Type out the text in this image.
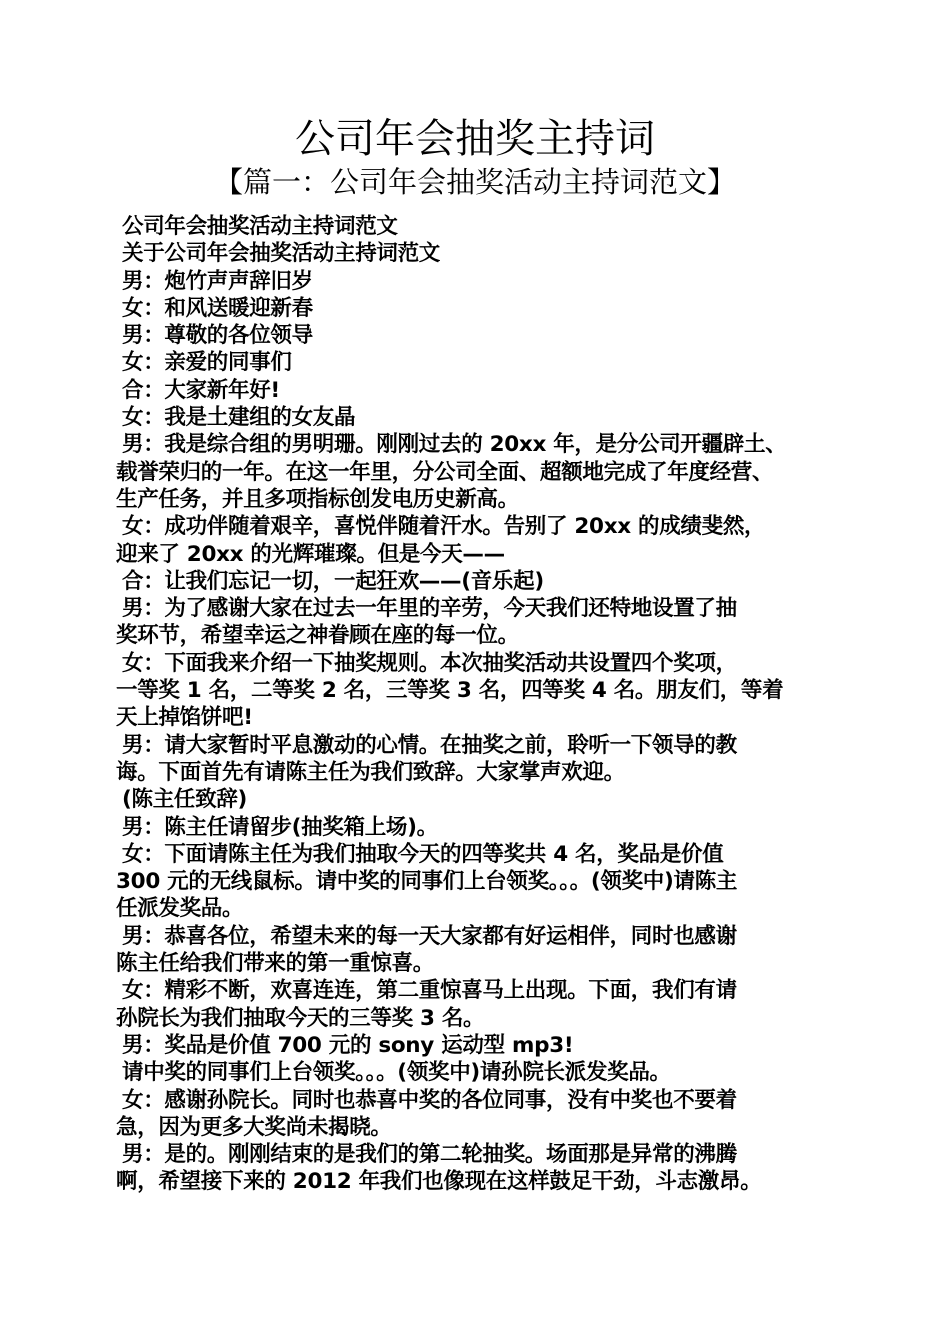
公司年会抽奖主持词
【篇一：公司年会抽奖活动主持词范文】
公司年会抽奖活动主持词范文
关于公司年会抽奖活动主持词范文
男：炮竹声声辞旧岁
女：和风送暖迎新春
男：尊敬的各位领导
女：亲爱的同事们
合：大家新年好!
女：我是土建组的女友晶
男：我是综合组的男明珊。刚刚过去的 20xx 年，是分公司开疆辟土、
载誉荣归的一年。在这一年里，分公司全面、超额地完成了年度经营、
生产任务，并且多项指标创发电历史新高。
女：成功伴随着艰辛，喜悦伴随着汗水。告别了 20xx 的成绩斐然，
迎来了 20xx 的光辉璀璨。但是今天——
合：让我们忘记一切，一起狂欢——(音乐起)
男：为了感谢大家在过去一年里的辛劳，今天我们还特地设置了抽
奖环节，希望幸运之神眷顾在座的每一位。
女：下面我来介绍一下抽奖规则。本次抽奖活动共设置四个奖项，
一等奖 1 名，二等奖 2 名，三等奖 3 名，四等奖 4 名。朋友们，等着
天上掉馅饼吧!
男：请大家暂时平息激动的心情。在抽奖之前，聆听一下领导的教
诲。下面首先有请陈主任为我们致辞。大家掌声欢迎。
(陈主任致辞)
男：陈主任请留步(抽奖箱上场)。
女：下面请陈主任为我们抽取今天的四等奖共 4 名，奖品是价值
300 元的无线鼠标。请中奖的同事们上台领奖。。。(领奖中)请陈主
任派发奖品。
男：恭喜各位，希望未来的每一天大家都有好运相伴，同时也感谢
陈主任给我们带来的第一重惊喜。
女：精彩不断，欢喜连连，第二重惊喜马上出现。下面，我们有请
孙院长为我们抽取今天的三等奖 3 名。
男：奖品是价值 700 元的 sony 运动型 mp3!
请中奖的同事们上台领奖。。。(领奖中)请孙院长派发奖品。
女：感谢孙院长。同时也恭喜中奖的各位同事，没有中奖也不要着
急，因为更多大奖尚未揭晓。
男：是的。刚刚结束的是我们的第二轮抽奖。场面那是异常的沸腾
啊，希望接下来的 2012 年我们也像现在这样鼓足干劲，斗志激昂。
